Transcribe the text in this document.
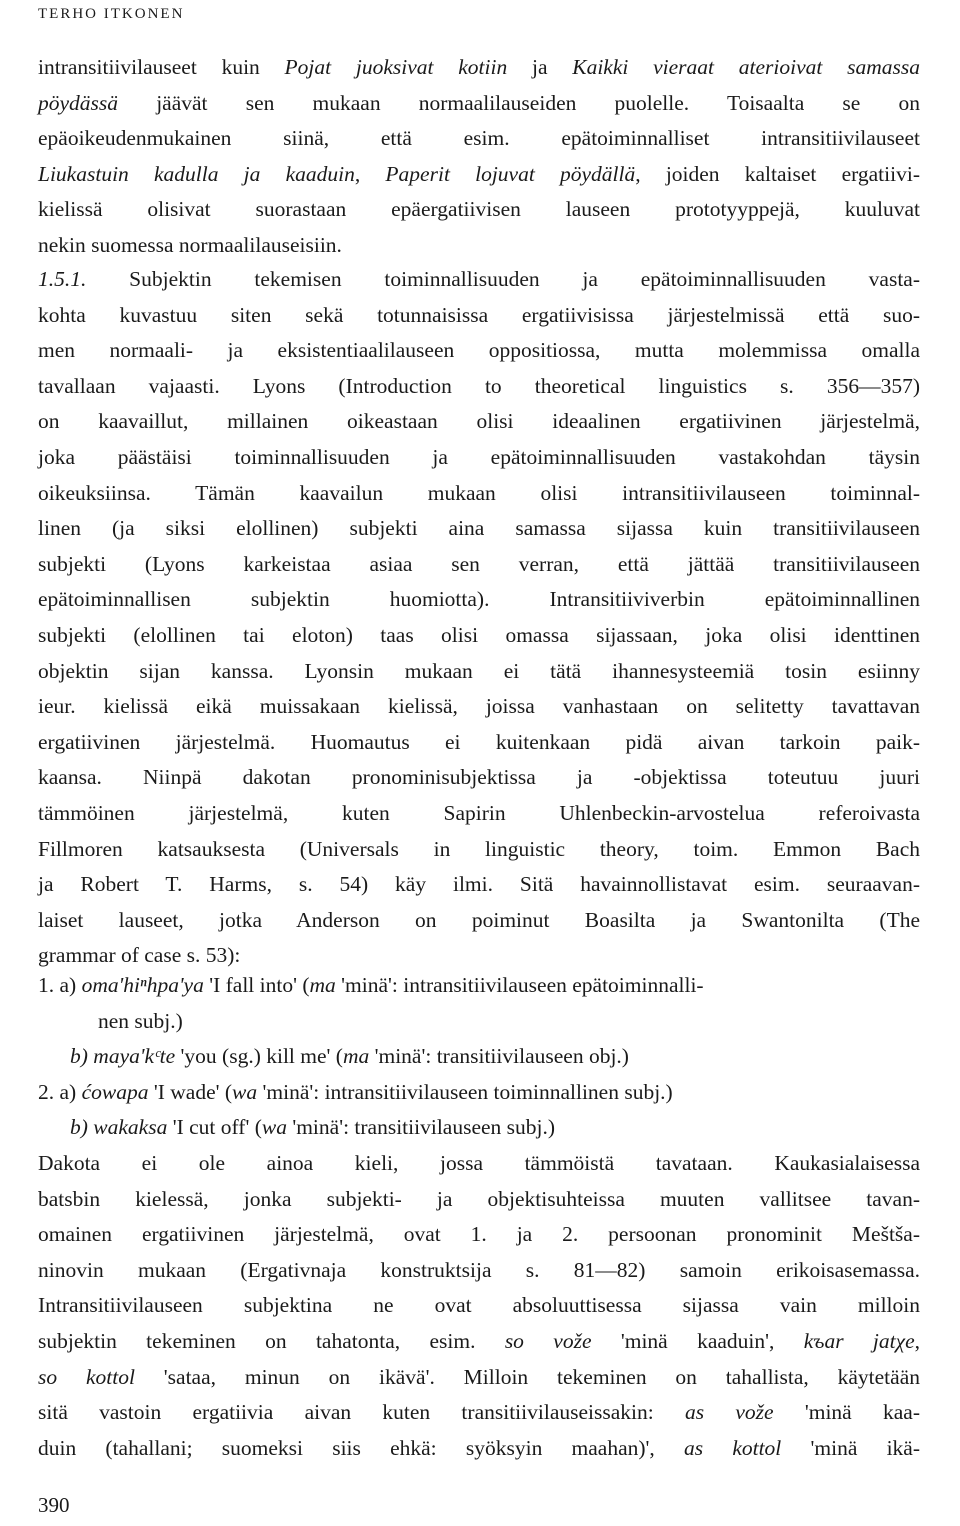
TERHO ITKONEN
intransitiivilauseet kuin Pojat juoksivat kotiin ja Kaikki vieraat aterioivat samassa
pöydässä jäävät sen mukaan normaalilauseiden puolelle. Toisaalta se on
epäoikeudenmukainen siinä, että esim. epätoiminnalliset intransitiivilauseet
Liukastuin kadulla ja kaaduin, Paperit lojuvat pöydällä, joiden kaltaiset ergatiivi-
kielissä olisivat suorastaan epäergatiivisen lauseen prototyyppejä, kuuluvat
nekin suomessa normaalilauseisiin.
1.5.1. Subjektin tekemisen toiminnallisuuden ja epätoiminnallisuuden vasta-
kohta kuvastuu siten sekä totunnaisissa ergatiivisissa järjestelmissä että suo-
men normaali- ja eksistentiaalilauseen oppositiossa, mutta molemmissa omalla
tavallaan vajaasti. Lyons (Introduction to theoretical linguistics s. 356—357)
on kaavaillut, millainen oikeastaan olisi ideaalinen ergatiivinen järjestelmä,
joka päästäisi toiminnallisuuden ja epätoiminnallisuuden vastakohdan täysin
oikeuksiinsa. Tämän kaavailun mukaan olisi intransitiivilauseen toiminnal-
linen (ja siksi elollinen) subjekti aina samassa sijassa kuin transitiivilauseen
subjekti (Lyons karkeistaa asiaa sen verran, että jättää transitiivilauseen
epätoiminnallisen subjektin huomiotta). Intransitiiviverbin epätoiminnallinen
subjekti (elollinen tai eloton) taas olisi omassa sijassaan, joka olisi identtinen
objektin sijan kanssa. Lyonsin mukaan ei tätä ihannesysteemiä tosin esiinny
ieur. kielissä eikä muissakaan kielissä, joissa vanhastaan on selitetty tavattavan
ergatiivinen järjestelmä. Huomautus ei kuitenkaan pidä aivan tarkoin paik-
kaansa. Niinpä dakotan pronominisubjektissa ja -objektissa toteutuu juuri
tämmöinen järjestelmä, kuten Sapirin Uhlenbeckin-arvostelua referoivasta
Fillmoren katsauksesta (Universals in linguistic theory, toim. Emmon Bach
ja Robert T. Harms, s. 54) käy ilmi. Sitä havainnollistavat esim. seuraavan-
laiset lauseet, jotka Anderson on poiminut Boasilta ja Swantonilta (The
grammar of case s. 53):
1. a) oma'hiⁿhpa'ya 'I fall into' (ma 'minä': intransitiivilauseen epätoiminnalli-
nen subj.)
b) maya'kᶜte 'you (sg.) kill me' (ma 'minä': transitiivilauseen obj.)
2. a) ćowapa 'I wade' (wa 'minä': intransitiivilauseen toiminnallinen subj.)
b) wakaksa 'I cut off' (wa 'minä': transitiivilauseen subj.)
Dakota ei ole ainoa kieli, jossa tämmöistä tavataan. Kaukasialaisessa
batsbin kielessä, jonka subjekti- ja objektisuhteissa muuten vallitsee tavan-
omainen ergatiivinen järjestelmä, ovat 1. ja 2. persoonan pronominit Meštša-
ninovin mukaan (Ergativnaja konstruktsija s. 81—82) samoin erikoisasemassa.
Intransitiivilauseen subjektina ne ovat absoluuttisessa sijassa vain milloin
subjektin tekeminen on tahatonta, esim. so vože 'minä kaaduin', kъar jatχe,
so kottol 'sataa, minun on ikävä'. Milloin tekeminen on tahallista, käytetään
sitä vastoin ergatiivia aivan kuten transitiivilauseissakin: as vože 'minä kaa-
duin (tahallani; suomeksi siis ehkä: syöksyin maahan)', as kottol 'minä ikä-
390
